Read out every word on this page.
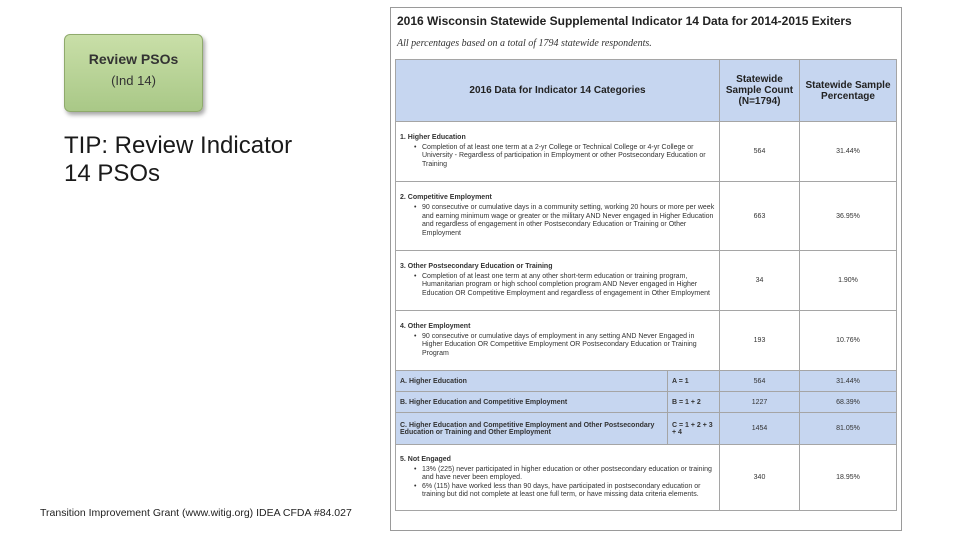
Review PSOs
(Ind 14)
TIP: Review Indicator 14 PSOs
Transition Improvement Grant (www.witig.org) IDEA CFDA #84.027
2016 Wisconsin Statewide Supplemental Indicator 14 Data for 2014-2015 Exiters
All percentages based on a total of 1794 statewide respondents.
2016 Data for Indicator 14 Categories		Statewide Sample Count (N=1794)	Statewide Sample Percentage

1. Higher Education
• Completion of at least one term at a 2-yr College or Technical College or 4-yr College or University - Regardless of participation in Employment or other Postsecondary Education or Training		564	31.44%

2. Competitive Employment
• 90 consecutive or cumulative days in a community setting, working 20 hours or more per week and earning minimum wage or greater or the military AND Never engaged in Higher Education and regardless of engagement in other Postsecondary Education or Training or Other Employment		663	36.95%

3. Other Postsecondary Education or Training
• Completion of at least one term at any other short-term education or training program, Humanitarian program or high school completion program AND Never engaged in Higher Education OR Competitive Employment and regardless of engagement in Other Employment		34	1.90%

4. Other Employment
• 90 consecutive or cumulative days of employment in any setting AND Never Engaged in Higher Education OR Competitive Employment OR Postsecondary Education or Training Program		193	10.76%
A. Higher Education	A = 1	564	31.44%
B. Higher Education and Competitive Employment	B = 1 + 2	1227	68.39%
C. Higher Education and Competitive Employment and Other Postsecondary Education or Training and Other Employment	C = 1 + 2 + 3 + 4	1454	81.05%

5. Not Engaged
• 13% (225) never participated in higher education or other postsecondary education or training and have never been employed.
• 6% (115) have worked less than 90 days, have participated in postsecondary education or training but did not complete at least one full term, or have missing data criteria elements.		340	18.95%
